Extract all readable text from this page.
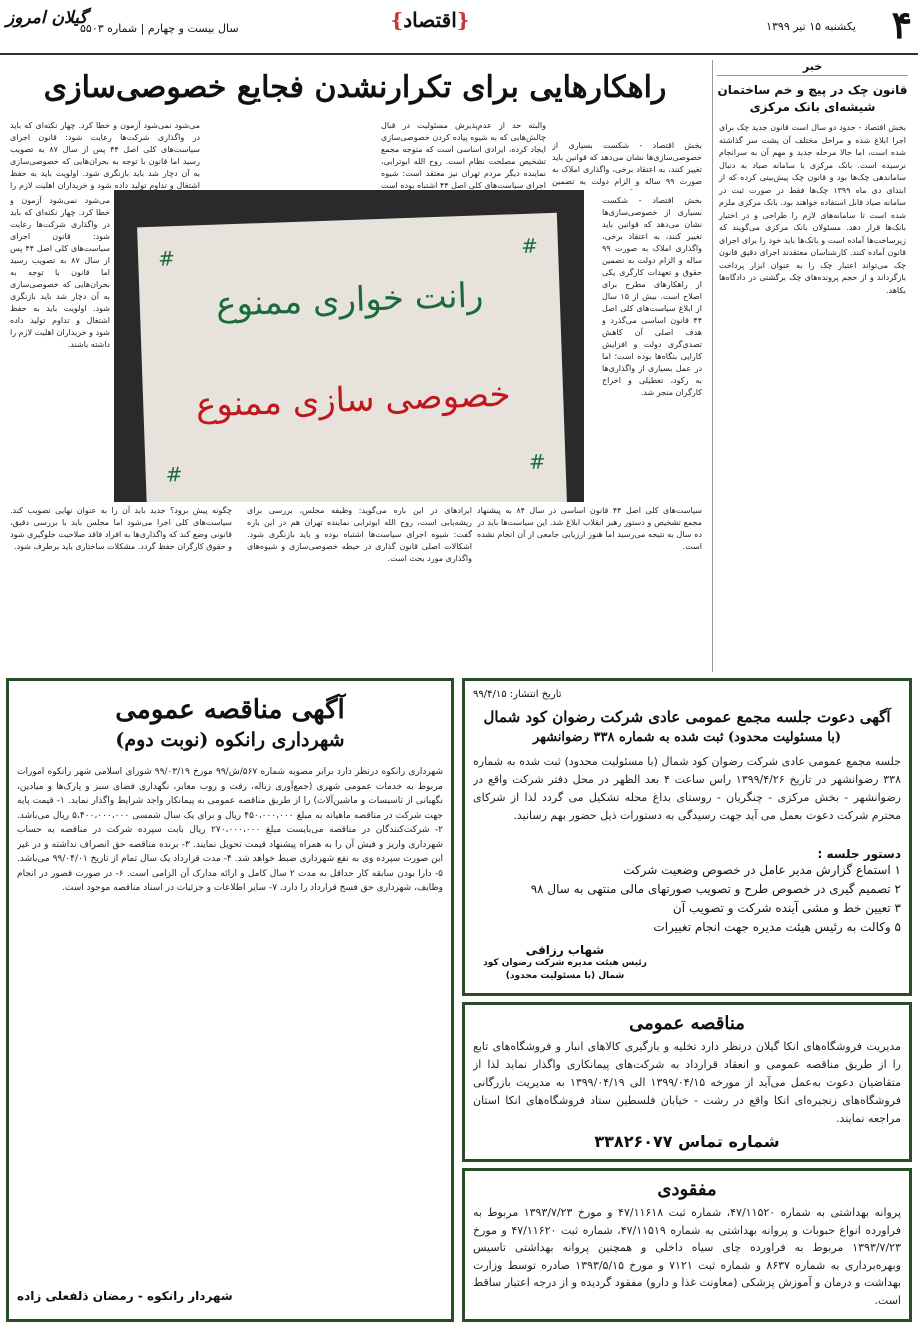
۴
یکشنبه ۱۵ تیر ۱۳۹۹
{اقتصاد}
گیلان امروز
سال بیست و چهارم | شماره ۵۵۰۳
خبر
قانون چک در پیچ و خم ساختمان شیشه‌ای بانک مرکزی
بخش اقتصاد - حدود دو سال است قانون جدید چک برای اجرا ابلاغ شده و مراحل مختلف آن پشت سر گذاشته شده است، اما حالا مرحله جدید و مهم آن به سرانجام نرسیده است. بانک مرکزی با سامانه صیاد به دنبال ساماندهی چک‌ها بود و قانون چک پیش‌بینی کرده که از ابتدای دی ماه ۱۳۹۹ چک‌ها فقط در صورت ثبت در سامانه صیاد قابل استفاده خواهند بود. بانک مرکزی ملزم شده است تا سامانه‌های لازم را طراحی و در اختیار بانک‌ها قرار دهد. مسئولان بانک مرکزی می‌گویند که زیرساخت‌ها آماده است و بانک‌ها باید خود را برای اجرای قانون آماده کنند. کارشناسان معتقدند اجرای دقیق قانون چک می‌تواند اعتبار چک را به عنوان ابزار پرداخت بازگرداند و از حجم پرونده‌های چک برگشتی در دادگاه‌ها بکاهد.
راهکارهایی برای تکرارنشدن فجایع خصوصی‌سازی
بخش اقتصاد - شکست بسیاری از خصوصی‌سازی‌ها نشان می‌دهد که قوانین باید تغییر کنند، به اعتقاد برخی، واگذاری املاک به صورت ۹۹ ساله و الزام دولت به تضمین
والبته حد از عدم‌پذیرش مسئولیت در قبال چالش‌هایی که به شیوه پیاده کردن خصوصی‌سازی ایجاد کرده، ایرادی اساسی است که متوجه مجمع تشخیص مصلحت نظام است. روح الله ابوترابی، نماینده دیگر مردم تهران نیز معتقد است: شیوه اجرای سیاست‌های کلی اصل ۴۴ اشتباه بوده است
می‌شود نمی‌شود آزمون و خطا کرد. چهار نکته‌ای که باید در واگذاری شرکت‌ها رعایت شود: قانون اجرای سیاست‌های کلی اصل ۴۴ پس از سال ۸۷ به تصویب رسید اما قانون با توجه به بحران‌هایی که خصوصی‌سازی به آن دچار شد باید بازنگری شود. اولویت باید به حفظ اشتغال و تداوم تولید داده شود و خریداران اهلیت لازم را
بخش اقتصاد - شکست بسیاری از خصوصی‌سازی‌ها نشان می‌دهد که قوانین باید تغییر کنند، به اعتقاد برخی، واگذاری املاک به صورت ۹۹ ساله و الزام دولت به تضمین حقوق و تعهدات کارگری یکی از راهکارهای مطرح برای اصلاح است. بیش از ۱۵ سال از ابلاغ سیاست‌های کلی اصل ۴۴ قانون اساسی می‌گذرد و هدف اصلی آن کاهش تصدی‌گری دولت و افزایش کارایی بنگاه‌ها بوده است؛ اما در عمل بسیاری از واگذاری‌ها به رکود، تعطیلی و اخراج کارگران منجر شد.
می‌شود نمی‌شود آزمون و خطا کرد. چهار نکته‌ای که باید در واگذاری شرکت‌ها رعایت شود: قانون اجرای سیاست‌های کلی اصل ۴۴ پس از سال ۸۷ به تصویب رسید اما قانون با توجه به بحران‌هایی که خصوصی‌سازی به آن دچار شد باید بازنگری شود. اولویت باید به حفظ اشتغال و تداوم تولید داده شود و خریداران اهلیت لازم را داشته باشند.
رانت خواری ممنوع
خصوصی سازی ممنوع
#
#
#
#
سیاست‌های کلی اصل ۴۴ قانون اساسی در سال ۸۴ به پیشنهاد مجمع تشخیص و دستور رهبر انقلاب ابلاغ شد. این سیاست‌ها باید در ده سال به نتیجه می‌رسید اما هنوز ارزیابی جامعی از آن انجام نشده است.
ایرادهای در این باره می‌گوید: وظیفه مجلس، بررسی برای ریشه‌یابی است، روح الله ابوترابی نماینده تهران هم در این باره گفت: شیوه اجرای سیاست‌ها اشتباه بوده و باید بازنگری شود. اشکالات اصلی قانون گذاری در حیطه خصوصی‌سازی و شیوه‌های واگذاری مورد بحث است.
چگونه پیش برود؟ جدید باید آن را به عنوان نهایی تصویب کند. سیاست‌های کلی اجرا می‌شود اما مجلس باید با بررسی دقیق، قانونی وضع کند که واگذاری‌ها به افراد فاقد صلاحیت جلوگیری شود و حقوق کارگران حفظ گردد. مشکلات ساختاری باید برطرف شود.
آگهی مناقصه عمومی
شهرداری رانکوه (نوبت دوم)
شهرداری رانکوه درنظر دارد برابر مصوبه شماره ۵۶۷/ش/۹۹ مورخ ۹۹/۰۳/۱۹ شورای اسلامی شهر رانکوه امورات مربوط به خدمات عمومی شهری (جمع‌آوری زباله، رفت و روب معابر، نگهداری فضای سبز و پارک‌ها و میادین، نگهبانی از تاسیسات و ماشین‌آلات) را از طریق مناقصه عمومی به پیمانکار واجد شرایط واگذار نماید. ۱- قیمت پایه جهت شرکت در مناقصه ماهیانه به مبلغ ۴۵۰،۰۰۰،۰۰۰ ریال و برای یک سال شمسی ۵،۴۰۰،۰۰۰،۰۰۰ ریال می‌باشد. ۲- شرکت‌کنندگان در مناقصه می‌بایست مبلغ ۲۷۰،۰۰۰،۰۰۰ ریال بابت سپرده شرکت در مناقصه به حساب شهرداری واریز و فیش آن را به همراه پیشنهاد قیمت تحویل نمایند. ۳- برنده مناقصه حق انصراف نداشته و در غیر این صورت سپرده وی به نفع شهرداری ضبط خواهد شد. ۴- مدت قرارداد یک سال تمام از تاریخ ۹۹/۰۴/۰۱ می‌باشد. ۵- دارا بودن سابقه کار حداقل به مدت ۲ سال کامل و ارائه مدارک آن الزامی است. ۶- در صورت قصور در انجام وظایف، شهرداری حق فسخ قرارداد را دارد. ۷- سایر اطلاعات و جزئیات در اسناد مناقصه موجود است.
شهردار رانکوه - رمضان ذلفعلی زاده
تاریخ انتشار: ۹۹/۴/۱۵
آگهی دعوت جلسه مجمع عمومی عادی شرکت رضوان کود شمال
(با مسئولیت محدود) ثبت شده به شماره ۳۳۸ رضوانشهر
جلسه مجمع عمومی عادی شرکت رضوان کود شمال (با مسئولیت محدود) ثبت شده به شماره ۳۳۸ رضوانشهر در تاریخ ۱۳۹۹/۴/۲۶ راس ساعت ۴ بعد الظهر در محل دفتر شرکت واقع در رضوانشهر - بخش مرکزی - چنگریان - روستای بداغ محله تشکیل می گردد لذا از شرکای محترم شرکت دعوت بعمل می آید جهت رسیدگی به دستورات ذیل حضور بهم رسانید.
دستور جلسه :
۱ استماع گزارش مدیر عامل در خصوص وضعیت شرکت
۲ تصمیم گیری در خصوص طرح و تصویب صورتهای مالی منتهی به سال ۹۸
۳ تعیین خط و مشی آینده شرکت و تصویب آن
۵ وکالت به رئیس هیئت مدیره جهت انجام تغییرات
شهاب رزاقی
رئیس هیئت مدیره شرکت رضوان کود شمال (با مسئولیت محدود)
مناقصه عمومی
مدیریت فروشگاه‌های انکا گیلان درنظر دارد تخلیه و بارگیری کالاهای انبار و فروشگاه‌های تابع را از طریق مناقصه عمومی و انعقاد قرارداد به شرکت‌های پیمانکاری واگذار نماید لذا از متقاضیان دعوت به‌عمل می‌آید از مورخه ۱۳۹۹/۰۴/۱۵ الی ۱۳۹۹/۰۴/۱۹ به مدیریت بازرگانی فروشگاه‌های زنجیره‌ای انکا واقع در رشت - خیابان فلسطین ستاد فروشگاه‌های انکا استان مراجعه نمایند.
شماره تماس ۳۳۸۲۶۰۷۷
مفقودی
پروانه بهداشتی به شماره ۴۷/۱۱۵۲۰، شماره ثبت ۴۷/۱۱۶۱۸ و مورخ ۱۳۹۳/۷/۲۳ مربوط به فراورده انواع حبوبات و پروانه بهداشتی به شماره ۴۷/۱۱۵۱۹، شماره ثبت ۴۷/۱۱۶۲۰ و مورخ ۱۳۹۳/۷/۲۳ مربوط به فراورده چای سیاه داخلی و همچنین پروانه بهداشتی تاسیس وبهره‌برداری به شماره ۸۶۳۷ و شماره ثبت ۷۱۲۱ و مورخ ۱۳۹۳/۵/۱۵ صادره توسط وزارت بهداشت و درمان و آموزش پزشکی (معاونت غذا و دارو) مفقود گردیده و از درجه اعتبار ساقط است.
